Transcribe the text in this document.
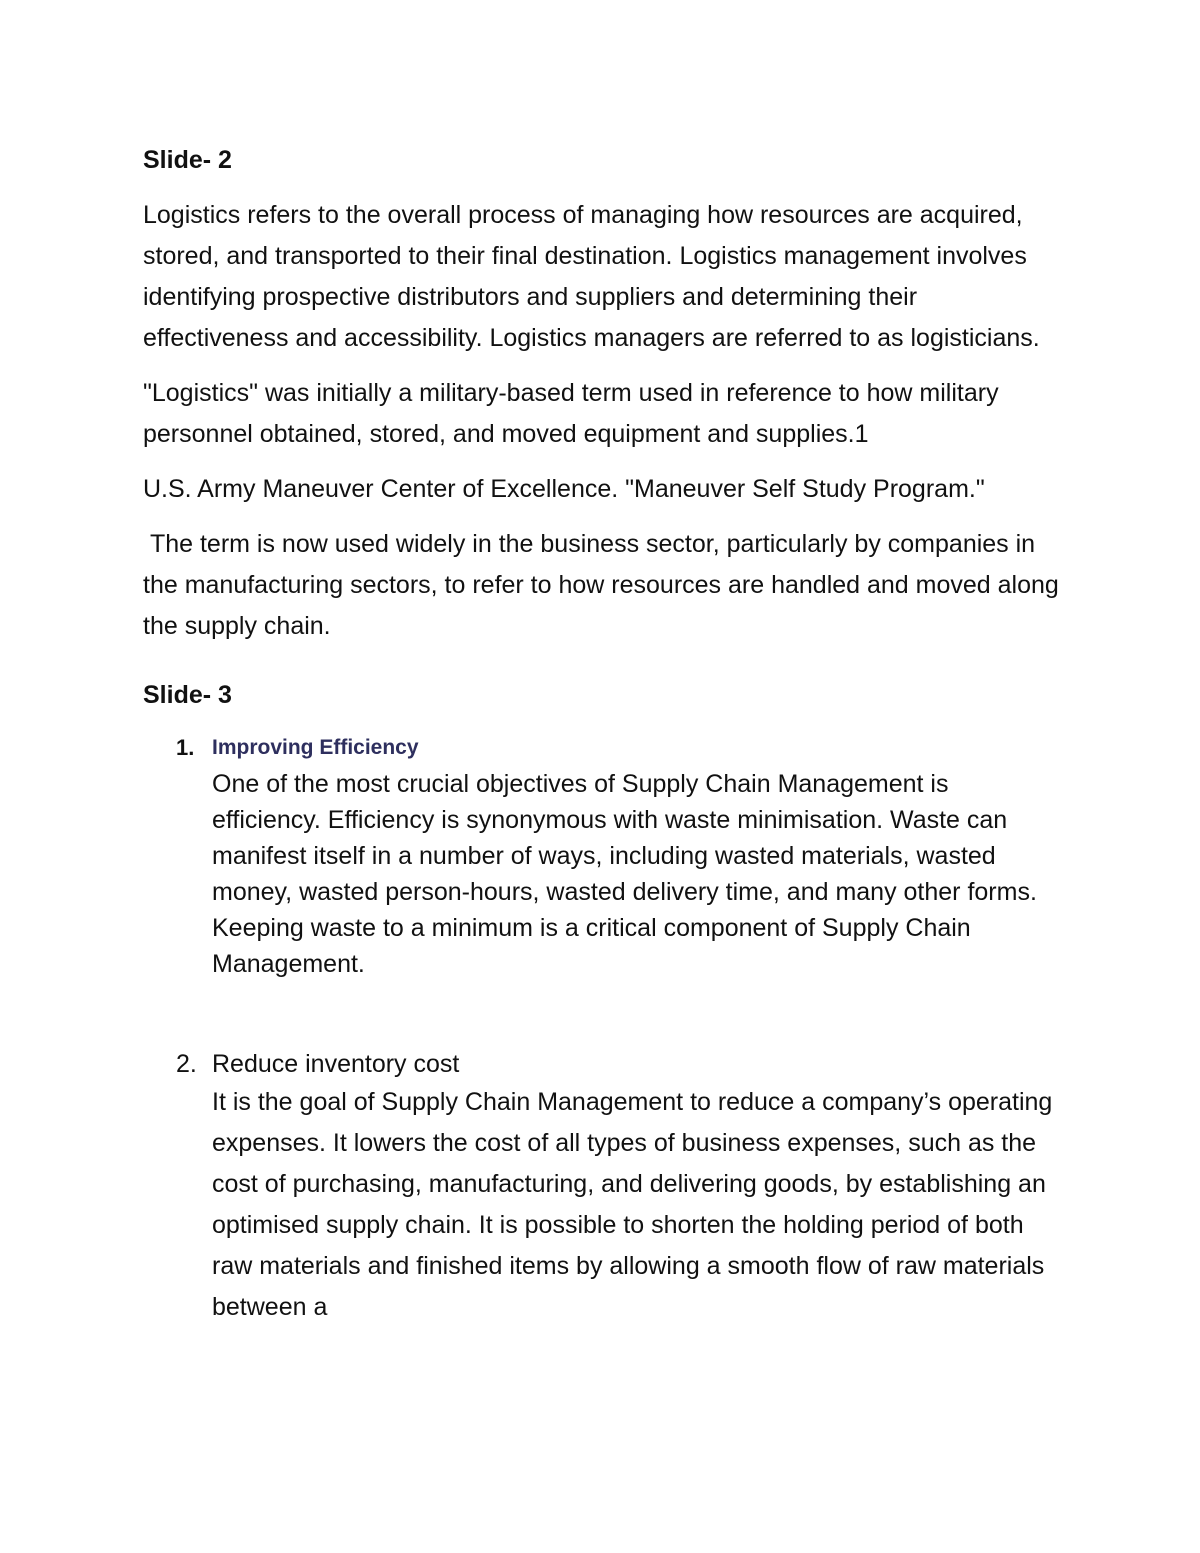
Slide- 2

Logistics refers to the overall process of managing how resources are acquired, stored, and transported to their final destination. Logistics management involves identifying prospective distributors and suppliers and determining their effectiveness and accessibility. Logistics managers are referred to as logisticians.

"Logistics" was initially a military-based term used in reference to how military personnel obtained, stored, and moved equipment and supplies.1

U.S. Army Maneuver Center of Excellence. "Maneuver Self Study Program."

The term is now used widely in the business sector, particularly by companies in the manufacturing sectors, to refer to how resources are handled and moved along the supply chain.

Slide- 3
1. Improving Efficiency
One of the most crucial objectives of Supply Chain Management is efficiency. Efficiency is synonymous with waste minimisation. Waste can manifest itself in a number of ways, including wasted materials, wasted money, wasted person-hours, wasted delivery time, and many other forms. Keeping waste to a minimum is a critical component of Supply Chain Management.
2. Reduce inventory cost
It is the goal of Supply Chain Management to reduce a company’s operating expenses. It lowers the cost of all types of business expenses, such as the cost of purchasing, manufacturing, and delivering goods, by establishing an optimised supply chain. It is possible to shorten the holding period of both raw materials and finished items by allowing a smooth flow of raw materials between a
